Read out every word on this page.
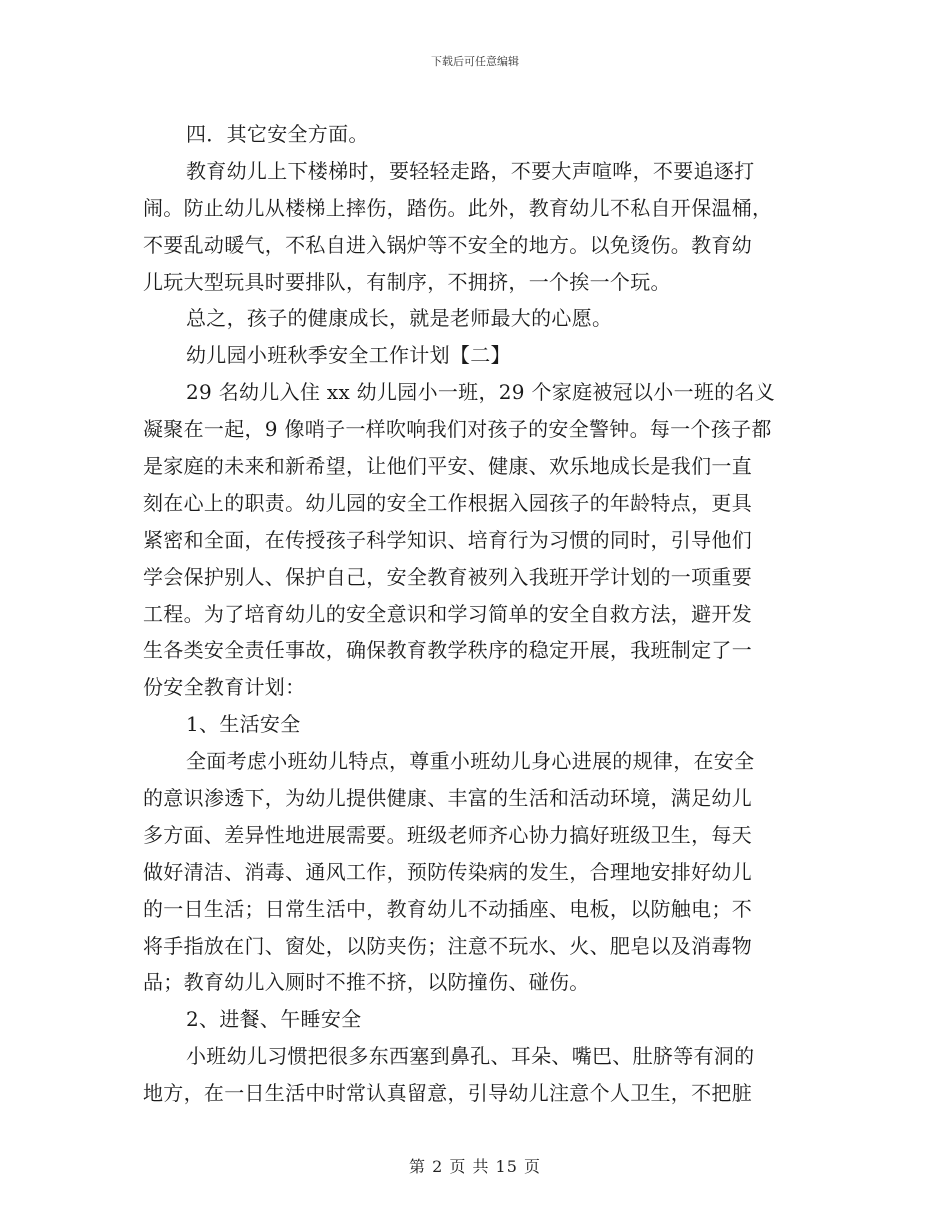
下载后可任意编辑
四．其它安全方面。
教育幼儿上下楼梯时，要轻轻走路，不要大声喧哗，不要追逐打
闹。防止幼儿从楼梯上摔伤，踏伤。此外，教育幼儿不私自开保温桶，
不要乱动暖气，不私自进入锅炉等不安全的地方。以免烫伤。教育幼
儿玩大型玩具时要排队，有制序，不拥挤，一个挨一个玩。
总之，孩子的健康成长，就是老师最大的心愿。
幼儿园小班秋季安全工作计划【二】
29 名幼儿入住 xx 幼儿园小一班，29 个家庭被冠以小一班的名义
凝聚在一起，9 像哨子一样吹响我们对孩子的安全警钟。每一个孩子都
是家庭的未来和新希望，让他们平安、健康、欢乐地成长是我们一直
刻在心上的职责。幼儿园的安全工作根据入园孩子的年龄特点，更具
紧密和全面，在传授孩子科学知识、培育行为习惯的同时，引导他们
学会保护别人、保护自己，安全教育被列入我班开学计划的一项重要
工程。为了培育幼儿的安全意识和学习简单的安全自救方法，避开发
生各类安全责任事故，确保教育教学秩序的稳定开展，我班制定了一
份安全教育计划：
1、生活安全
全面考虑小班幼儿特点，尊重小班幼儿身心进展的规律，在安全
的意识渗透下，为幼儿提供健康、丰富的生活和活动环境，满足幼儿
多方面、差异性地进展需要。班级老师齐心协力搞好班级卫生，每天
做好清洁、消毒、通风工作，预防传染病的发生，合理地安排好幼儿
的一日生活；日常生活中，教育幼儿不动插座、电板，以防触电；不
将手指放在门、窗处，以防夹伤；注意不玩水、火、肥皂以及消毒物
品；教育幼儿入厕时不推不挤，以防撞伤、碰伤。
2、进餐、午睡安全
小班幼儿习惯把很多东西塞到鼻孔、耳朵、嘴巴、肚脐等有洞的
地方，在一日生活中时常认真留意，引导幼儿注意个人卫生，不把脏
第 2 页 共 15 页
